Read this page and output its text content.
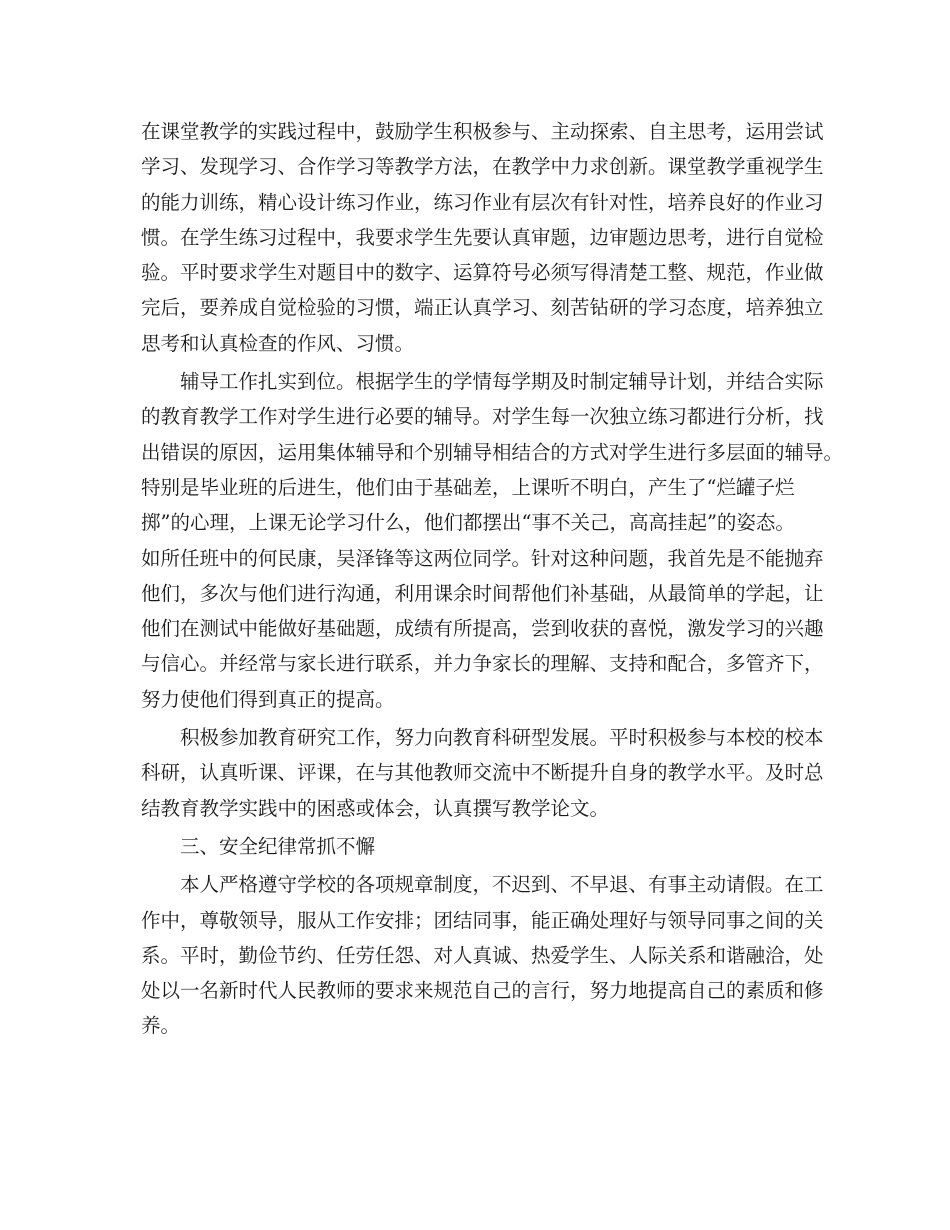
在课堂教学的实践过程中，鼓励学生积极参与、主动探索、自主思考，运用尝试
学习、发现学习、合作学习等教学方法，在教学中力求创新。课堂教学重视学生
的能力训练，精心设计练习作业，练习作业有层次有针对性，培养良好的作业习
惯。在学生练习过程中，我要求学生先要认真审题，边审题边思考，进行自觉检
验。平时要求学生对题目中的数字、运算符号必须写得清楚工整、规范，作业做
完后，要养成自觉检验的习惯，端正认真学习、刻苦钻研的学习态度，培养独立
思考和认真检查的作风、习惯。
　　辅导工作扎实到位。根据学生的学情每学期及时制定辅导计划，并结合实际
的教育教学工作对学生进行必要的辅导。对学生每一次独立练习都进行分析，找
出错误的原因，运用集体辅导和个别辅导相结合的方式对学生进行多层面的辅导。
特别是毕业班的后进生，他们由于基础差，上课听不明白，产生了“烂罐子烂
掷”的心理，上课无论学习什么，他们都摆出“事不关己，高高挂起”的姿态。
如所任班中的何民康，吴泽锋等这两位同学。针对这种问题，我首先是不能抛弃
他们，多次与他们进行沟通，利用课余时间帮他们补基础，从最简单的学起，让
他们在测试中能做好基础题，成绩有所提高，尝到收获的喜悦，激发学习的兴趣
与信心。并经常与家长进行联系，并力争家长的理解、支持和配合，多管齐下，
努力使他们得到真正的提高。
　　积极参加教育研究工作，努力向教育科研型发展。平时积极参与本校的校本
科研，认真听课、评课，在与其他教师交流中不断提升自身的教学水平。及时总
结教育教学实践中的困惑或体会，认真撰写教学论文。
　　三、安全纪律常抓不懈
　　本人严格遵守学校的各项规章制度，不迟到、不早退、有事主动请假。在工
作中，尊敬领导，服从工作安排；团结同事，能正确处理好与领导同事之间的关
系。平时，勤俭节约、任劳任怨、对人真诚、热爱学生、人际关系和谐融洽，处
处以一名新时代人民教师的要求来规范自己的言行，努力地提高自己的素质和修
养。
